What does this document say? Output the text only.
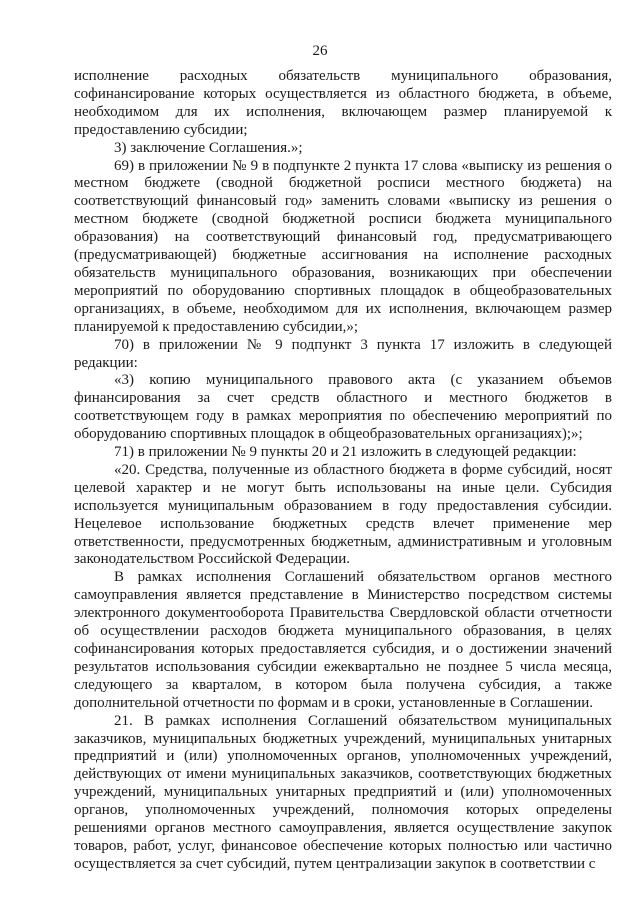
26

исполнение расходных обязательств муниципального образования, софинансирование которых осуществляется из областного бюджета, в объеме, необходимом для их исполнения, включающем размер планируемой к предоставлению субсидии;

3) заключение Соглашения.»;

69) в приложении № 9 в подпункте 2 пункта 17 слова «выписку из решения о местном бюджете (сводной бюджетной росписи местного бюджета) на соответствующий финансовый год» заменить словами «выписку из решения о местном бюджете (сводной бюджетной росписи бюджета муниципального образования) на соответствующий финансовый год, предусматривающего (предусматривающей) бюджетные ассигнования на исполнение расходных обязательств муниципального образования, возникающих при обеспечении мероприятий по оборудованию спортивных площадок в общеобразовательных организациях, в объеме, необходимом для их исполнения, включающем размер планируемой к предоставлению субсидии,»;

70) в приложении № 9 подпункт 3 пункта 17 изложить в следующей редакции:

«3) копию муниципального правового акта (с указанием объемов финансирования за счет средств областного и местного бюджетов в соответствующем году в рамках мероприятия по обеспечению мероприятий по оборудованию спортивных площадок в общеобразовательных организациях);»;

71) в приложении № 9 пункты 20 и 21 изложить в следующей редакции:

«20. Средства, полученные из областного бюджета в форме субсидий, носят целевой характер и не могут быть использованы на иные цели. Субсидия используется муниципальным образованием в году предоставления субсидии. Нецелевое использование бюджетных средств влечет применение мер ответственности, предусмотренных бюджетным, административным и уголовным законодательством Российской Федерации.

В рамках исполнения Соглашений обязательством органов местного самоуправления является представление в Министерство посредством системы электронного документооборота Правительства Свердловской области отчетности об осуществлении расходов бюджета муниципального образования, в целях софинансирования которых предоставляется субсидия, и о достижении значений результатов использования субсидии ежеквартально не позднее 5 числа месяца, следующего за кварталом, в котором была получена субсидия, а также дополнительной отчетности по формам и в сроки, установленные в Соглашении.

21. В рамках исполнения Соглашений обязательством муниципальных заказчиков, муниципальных бюджетных учреждений, муниципальных унитарных предприятий и (или) уполномоченных органов, уполномоченных учреждений, действующих от имени муниципальных заказчиков, соответствующих бюджетных учреждений, муниципальных унитарных предприятий и (или) уполномоченных органов, уполномоченных учреждений, полномочия которых определены решениями органов местного самоуправления, является осуществление закупок товаров, работ, услуг, финансовое обеспечение которых полностью или частично осуществляется за счет субсидий, путем централизации закупок в соответствии с
